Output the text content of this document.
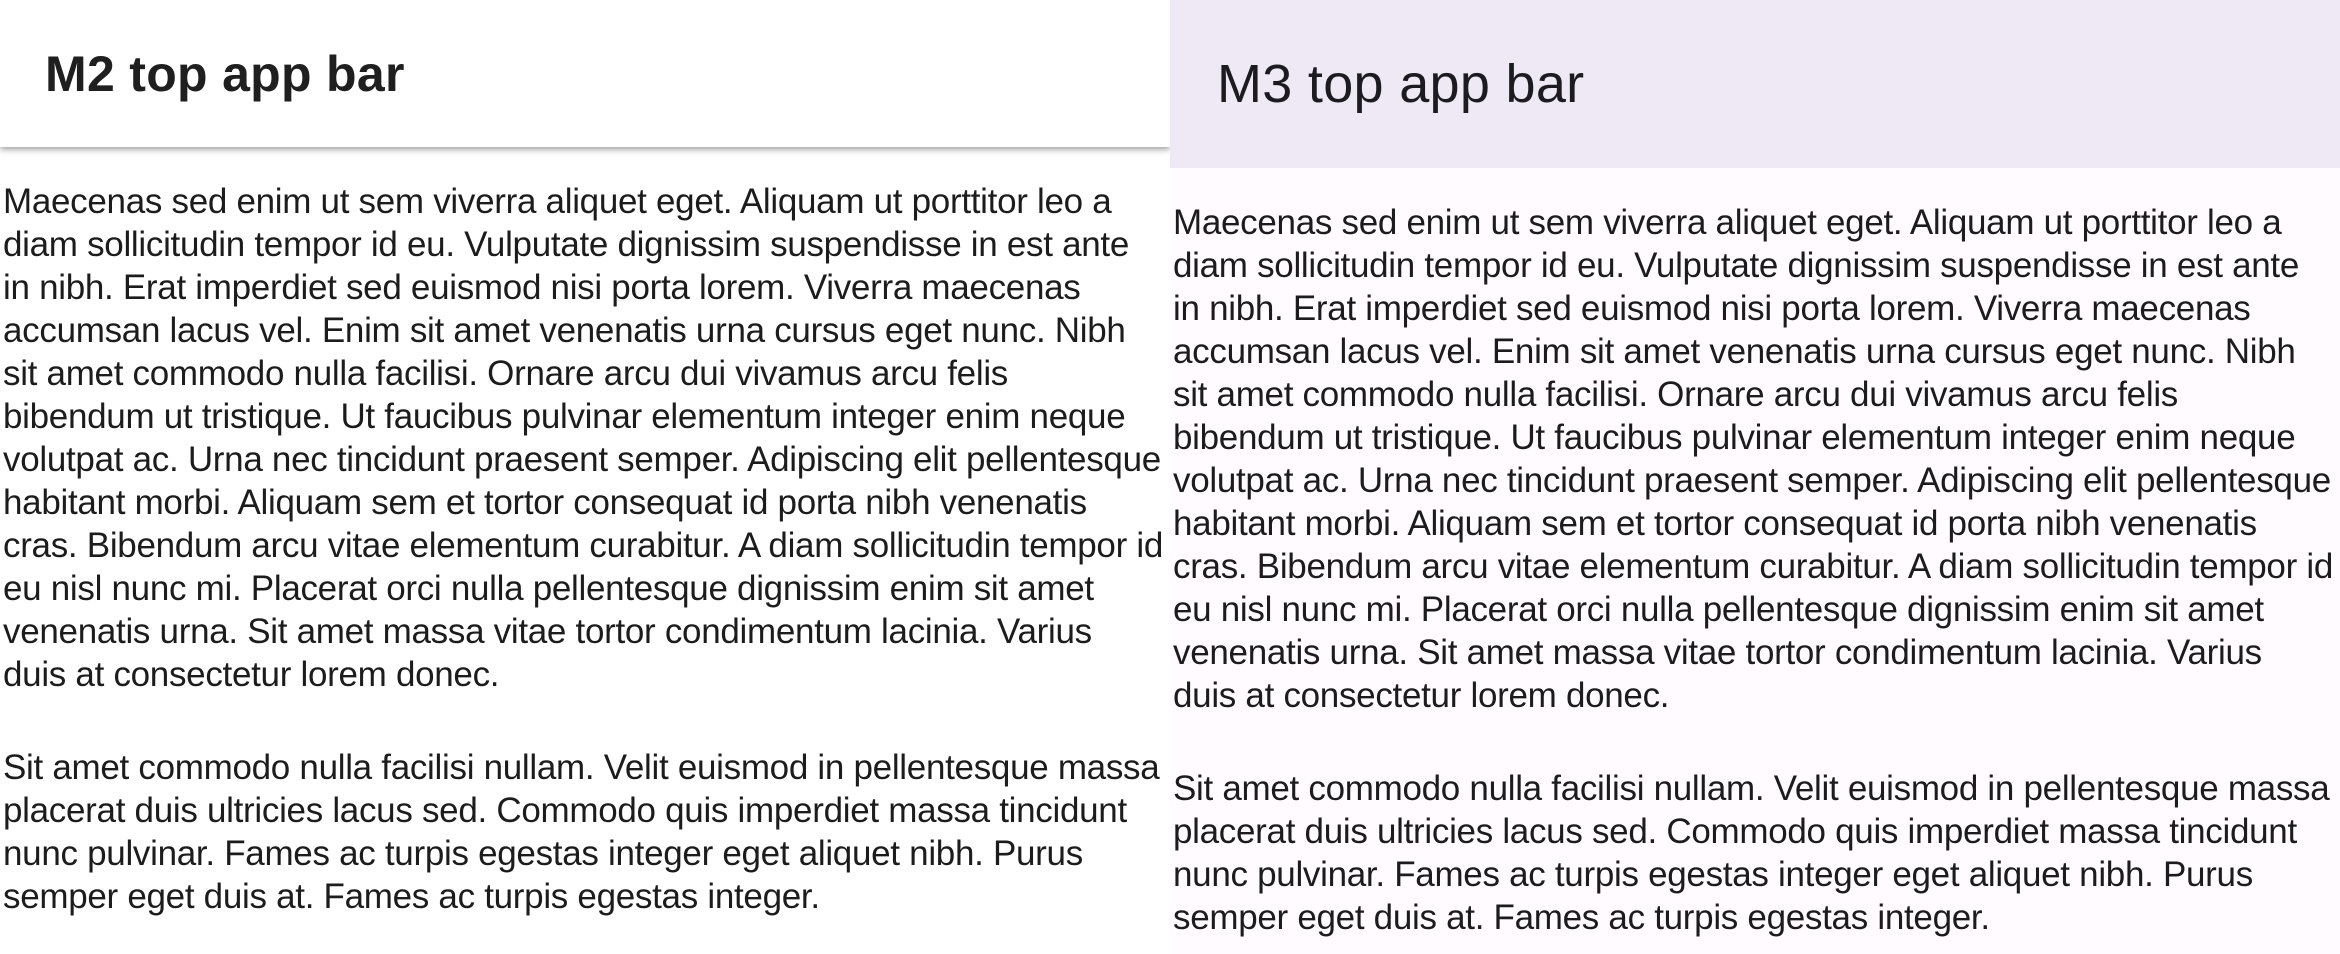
M2 top app bar

Maecenas sed enim ut sem viverra aliquet eget. Aliquam ut porttitor leo a diam sollicitudin tempor id eu. Vulputate dignissim suspendisse in est ante in nibh. Erat imperdiet sed euismod nisi porta lorem. Viverra maecenas accumsan lacus vel. Enim sit amet venenatis urna cursus eget nunc. Nibh sit amet commodo nulla facilisi. Ornare arcu dui vivamus arcu felis bibendum ut tristique. Ut faucibus pulvinar elementum integer enim neque volutpat ac. Urna nec tincidunt praesent semper. Adipiscing elit pellentesque habitant morbi. Aliquam sem et tortor consequat id porta nibh venenatis cras. Bibendum arcu vitae elementum curabitur. A diam sollicitudin tempor id eu nisl nunc mi. Placerat orci nulla pellentesque dignissim enim sit amet venenatis urna. Sit amet massa vitae tortor condimentum lacinia. Varius duis at consectetur lorem donec.

Sit amet commodo nulla facilisi nullam. Velit euismod in pellentesque massa placerat duis ultricies lacus sed. Commodo quis imperdiet massa tincidunt nunc pulvinar. Fames ac turpis egestas integer eget aliquet nibh. Purus semper eget duis at. Fames ac turpis egestas integer.

M3 top app bar

Maecenas sed enim ut sem viverra aliquet eget. Aliquam ut porttitor leo a diam sollicitudin tempor id eu. Vulputate dignissim suspendisse in est ante in nibh. Erat imperdiet sed euismod nisi porta lorem. Viverra maecenas accumsan lacus vel. Enim sit amet venenatis urna cursus eget nunc. Nibh sit amet commodo nulla facilisi. Ornare arcu dui vivamus arcu felis bibendum ut tristique. Ut faucibus pulvinar elementum integer enim neque volutpat ac. Urna nec tincidunt praesent semper. Adipiscing elit pellentesque habitant morbi. Aliquam sem et tortor consequat id porta nibh venenatis cras. Bibendum arcu vitae elementum curabitur. A diam sollicitudin tempor id eu nisl nunc mi. Placerat orci nulla pellentesque dignissim enim sit amet venenatis urna. Sit amet massa vitae tortor condimentum lacinia. Varius duis at consectetur lorem donec.

Sit amet commodo nulla facilisi nullam. Velit euismod in pellentesque massa placerat duis ultricies lacus sed. Commodo quis imperdiet massa tincidunt nunc pulvinar. Fames ac turpis egestas integer eget aliquet nibh. Purus semper eget duis at. Fames ac turpis egestas integer.
